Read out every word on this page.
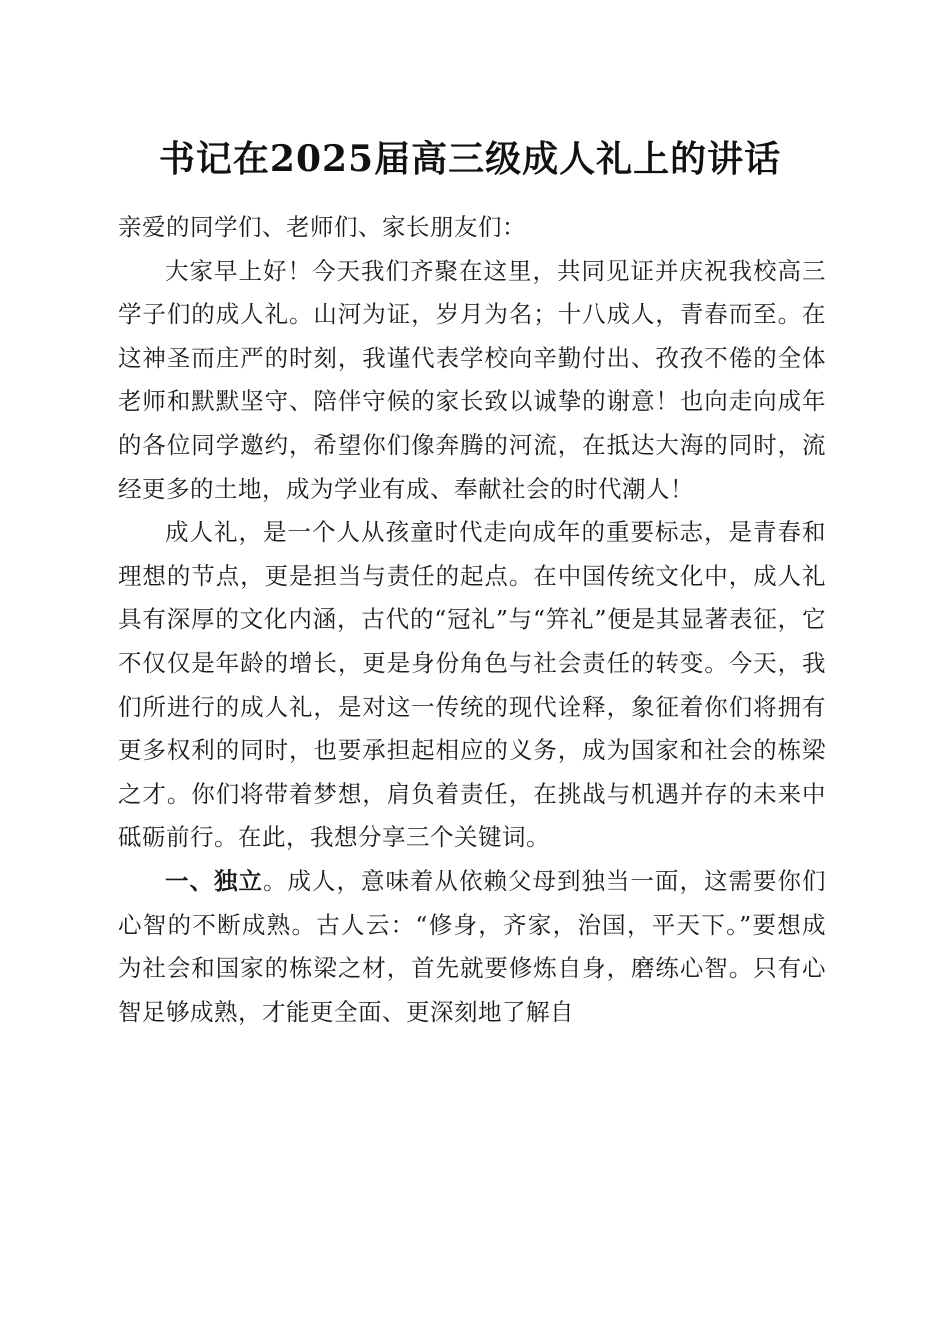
书记在2025届高三级成人礼上的讲话

亲爱的同学们、老师们、家长朋友们：

大家早上好！今天我们齐聚在这里，共同见证并庆祝我校高三学子们的成人礼。山河为证，岁月为名；十八成人，青春而至。在这神圣而庄严的时刻，我谨代表学校向辛勤付出、孜孜不倦的全体老师和默默坚守、陪伴守候的家长致以诚挚的谢意！也向走向成年的各位同学邀约，希望你们像奔腾的河流，在抵达大海的同时，流经更多的土地，成为学业有成、奉献社会的时代潮人！

成人礼，是一个人从孩童时代走向成年的重要标志，是青春和理想的节点，更是担当与责任的起点。在中国传统文化中，成人礼具有深厚的文化内涵，古代的“冠礼”与“笄礼”便是其显著表征，它不仅仅是年龄的增长，更是身份角色与社会责任的转变。今天，我们所进行的成人礼，是对这一传统的现代诠释，象征着你们将拥有更多权利的同时，也要承担起相应的义务，成为国家和社会的栋梁之才。你们将带着梦想，肩负着责任，在挑战与机遇并存的未来中砥砺前行。在此，我想分享三个关键词。

一、独立。成人，意味着从依赖父母到独当一面，这需要你们心智的不断成熟。古人云：“修身，齐家，治国，平天下。”要想成为社会和国家的栋梁之材，首先就要修炼自身，磨练心智。只有心智足够成熟，才能更全面、更深刻地了解自
